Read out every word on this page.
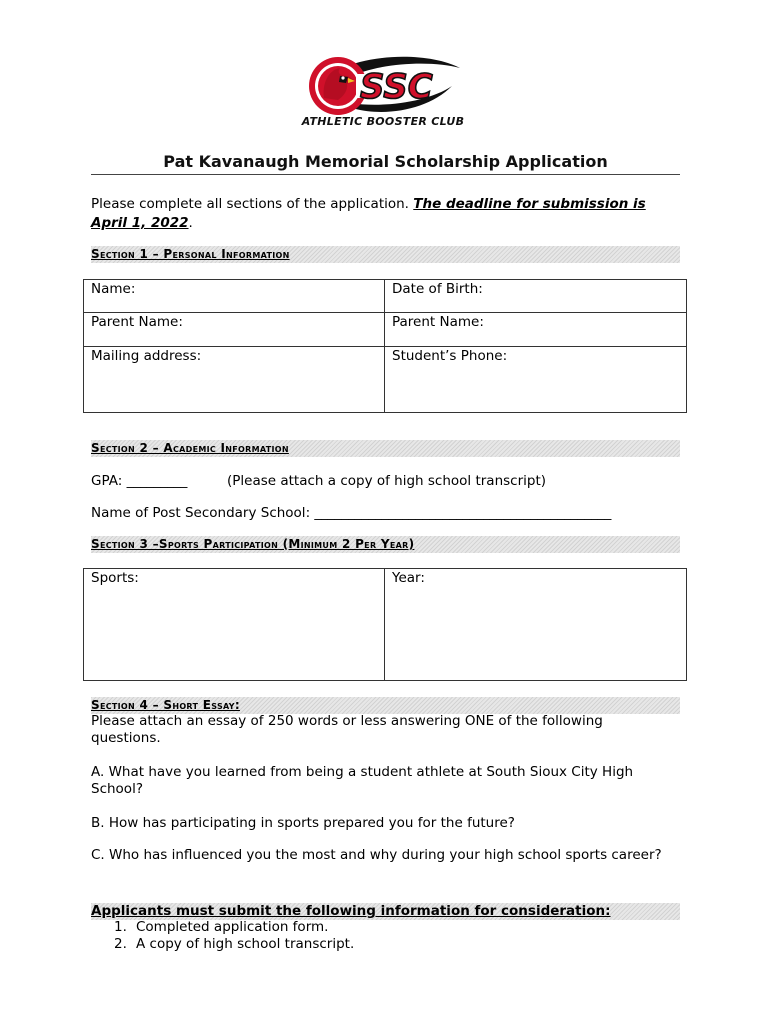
SSC
ATHLETIC BOOSTER CLUB
Pat Kavanaugh Memorial Scholarship Application
Please complete all sections of the application. The deadline for submission is April 1, 2022.
Section 1 – Personal Information
Name:	Date of Birth:
Parent Name:	Parent Name:
Mailing address:	Student’s Phone:
Section 2 – Academic Information
GPA: _________	(Please attach a copy of high school transcript)
Name of Post Secondary School: ____________________________________________
Section 3 –Sports Participation (Minimum 2 Per Year)
Sports:	Year:
Section 4 – Short Essay:
Please attach an essay of 250 words or less answering ONE of the following questions.
A. What have you learned from being a student athlete at South Sioux City High School?
B. How has participating in sports prepared you for the future?
C. Who has influenced you the most and why during your high school sports career?
Applicants must submit the following information for consideration:
1. Completed application form.
2. A copy of high school transcript.
